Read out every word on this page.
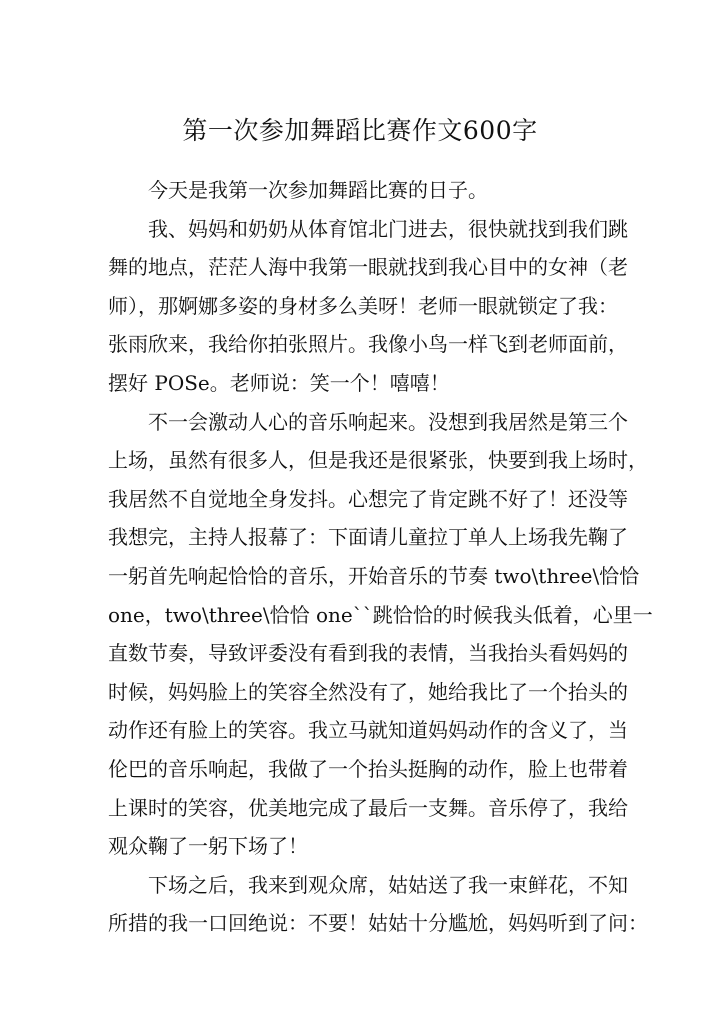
第一次参加舞蹈比赛作文600字
今天是我第一次参加舞蹈比赛的日子。
我、妈妈和奶奶从体育馆北门进去，很快就找到我们跳
舞的地点，茫茫人海中我第一眼就找到我心目中的女神（老
师），那婀娜多姿的身材多么美呀！老师一眼就锁定了我：
张雨欣来，我给你拍张照片。我像小鸟一样飞到老师面前，
摆好 POSe。老师说：笑一个！嘻嘻！
不一会激动人心的音乐响起来。没想到我居然是第三个
上场，虽然有很多人，但是我还是很紧张，快要到我上场时，
我居然不自觉地全身发抖。心想完了肯定跳不好了！还没等
我想完，主持人报幕了：下面请儿童拉丁单人上场我先鞠了
一躬首先响起恰恰的音乐，开始音乐的节奏 two\three\恰恰
one，two\three\恰恰 one``跳恰恰的时候我头低着，心里一
直数节奏，导致评委没有看到我的表情，当我抬头看妈妈的
时候，妈妈脸上的笑容全然没有了，她给我比了一个抬头的
动作还有脸上的笑容。我立马就知道妈妈动作的含义了，当
伦巴的音乐响起，我做了一个抬头挺胸的动作，脸上也带着
上课时的笑容，优美地完成了最后一支舞。音乐停了，我给
观众鞠了一躬下场了！
下场之后，我来到观众席，姑姑送了我一束鲜花，不知
所措的我一口回绝说：不要！姑姑十分尴尬，妈妈听到了问：
